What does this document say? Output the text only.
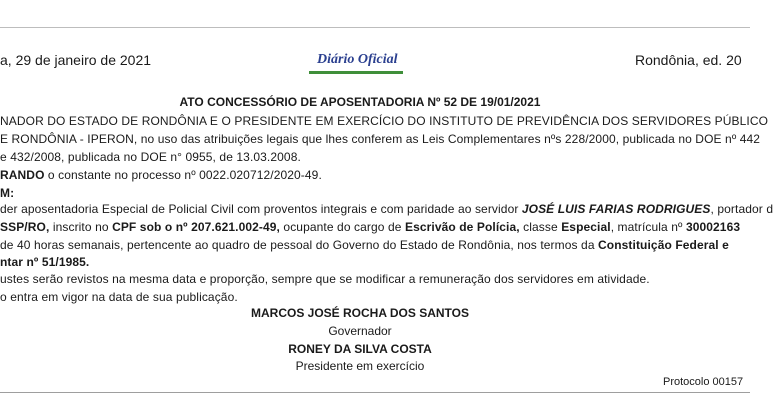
a, 29 de janeiro de 2021	Diário Oficial	Rondônia, ed. 20
ATO CONCESSÓRIO DE APOSENTADORIA Nº 52 DE 19/01/2021
NADOR DO ESTADO DE RONDÔNIA E O PRESIDENTE EM EXERCÍCIO DO INSTITUTO DE PREVIDÊNCIA DOS SERVIDORES PÚBLICO
E RONDÔNIA - IPERON, no uso das atribuições legais que lhes conferem as Leis Complementares nºs 228/2000, publicada no DOE nº 442
e 432/2008, publicada no DOE n° 0955, de 13.03.2008.
RANDO o constante no processo nº 0022.020712/2020-49.
M:
der aposentadoria Especial de Policial Civil com proventos integrais e com paridade ao servidor JOSÉ LUIS FARIAS RODRIGUES, portador d
SSP/RO, inscrito no CPF sob o nº 207.621.002-49, ocupante do cargo de Escrivão de Polícia, classe Especial, matrícula nº 30002163
de 40 horas semanais, pertencente ao quadro de pessoal do Governo do Estado de Rondônia, nos termos da Constituição Federal e
ntar nº 51/1985.
ustes serão revistos na mesma data e proporção, sempre que se modificar a remuneração dos servidores em atividade.
o entra em vigor na data de sua publicação.
MARCOS JOSÉ ROCHA DOS SANTOS
Governador
RONEY DA SILVA COSTA
Presidente em exercício
Protocolo 00157
